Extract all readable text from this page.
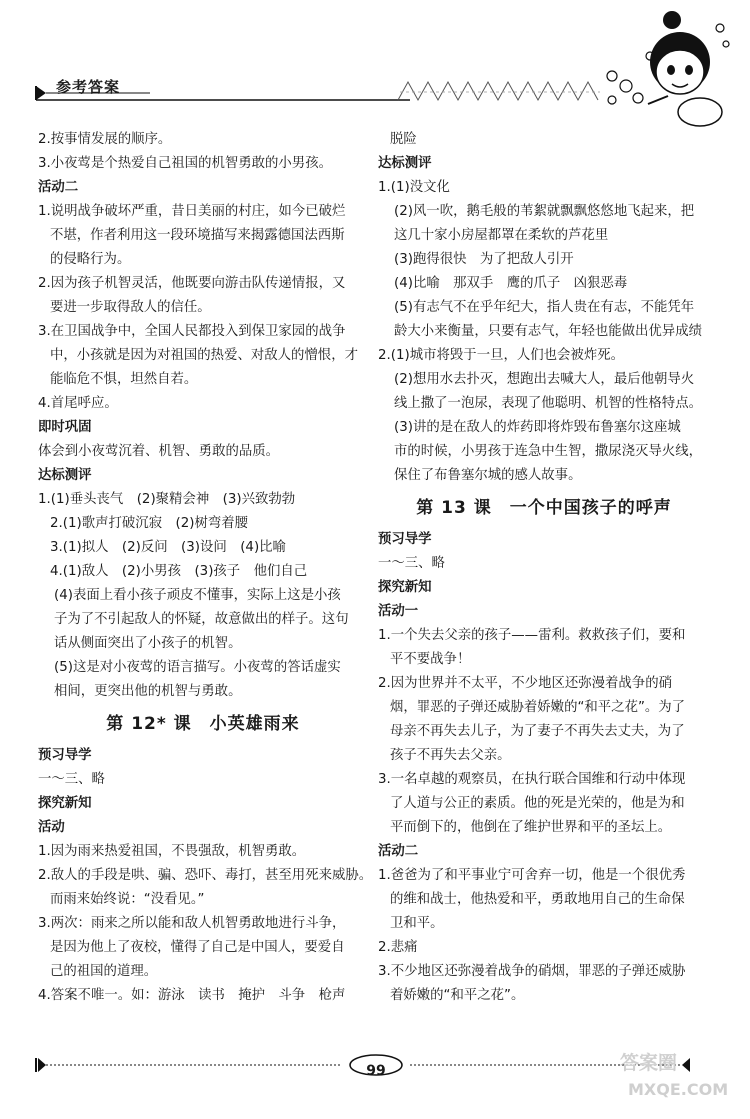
参考答案
2.按事情发展的顺序。
3.小夜莺是个热爱自己祖国的机智勇敢的小男孩。
活动二
1.说明战争破坏严重，昔日美丽的村庄，如今已破烂
不堪，作者利用这一段环境描写来揭露德国法西斯
的侵略行为。
2.因为孩子机智灵活，他既要向游击队传递情报，又
要进一步取得敌人的信任。
3.在卫国战争中，全国人民都投入到保卫家园的战争
中，小孩就是因为对祖国的热爱、对敌人的憎恨，才
能临危不惧，坦然自若。
4.首尾呼应。
即时巩固
体会到小夜莺沉着、机智、勇敢的品质。
达标测评
1.(1)垂头丧气　(2)聚精会神　(3)兴致勃勃
2.(1)歌声打破沉寂　(2)树弯着腰
3.(1)拟人　(2)反问　(3)设问　(4)比喻
4.(1)敌人　(2)小男孩　(3)孩子　他们自己
(4)表面上看小孩子顽皮不懂事，实际上这是小孩
子为了不引起敌人的怀疑，故意做出的样子。这句
话从侧面突出了小孩子的机智。
(5)这是对小夜莺的语言描写。小夜莺的答话虚实
相间，更突出他的机智与勇敢。
第 12* 课　小英雄雨来
预习导学
一～三、略
探究新知
活动
1.因为雨来热爱祖国，不畏强敌，机智勇敢。
2.敌人的手段是哄、骗、恐吓、毒打，甚至用死来威胁。
而雨来始终说：“没看见。”
3.两次：雨来之所以能和敌人机智勇敢地进行斗争，
是因为他上了夜校，懂得了自己是中国人，要爱自
己的祖国的道理。
4.答案不唯一。如：游泳　读书　掩护　斗争　枪声
脱险
达标测评
1.(1)没文化
(2)风一吹，鹅毛般的苇絮就飘飘悠悠地飞起来，把
这几十家小房屋都罩在柔软的芦花里
(3)跑得很快　为了把敌人引开
(4)比喻　那双手　鹰的爪子　凶狠恶毒
(5)有志气不在乎年纪大，指人贵在有志，不能凭年
龄大小来衡量，只要有志气，年轻也能做出优异成绩
2.(1)城市将毁于一旦，人们也会被炸死。
(2)想用水去扑灭，想跑出去喊大人，最后他朝导火
线上撒了一泡尿，表现了他聪明、机智的性格特点。
(3)讲的是在敌人的炸药即将炸毁布鲁塞尔这座城
市的时候，小男孩于连急中生智，撒尿浇灭导火线，
保住了布鲁塞尔城的感人故事。
第 13 课　一个中国孩子的呼声
预习导学
一～三、略
探究新知
活动一
1.一个失去父亲的孩子——雷利。救救孩子们，要和
平不要战争！
2.因为世界并不太平，不少地区还弥漫着战争的硝
烟，罪恶的子弹还威胁着娇嫩的“和平之花”。为了
母亲不再失去儿子，为了妻子不再失去丈夫，为了
孩子不再失去父亲。
3.一名卓越的观察员，在执行联合国维和行动中体现
了人道与公正的素质。他的死是光荣的，他是为和
平而倒下的，他倒在了维护世界和平的圣坛上。
活动二
1.爸爸为了和平事业宁可舍弃一切，他是一个很优秀
的维和战士，他热爱和平，勇敢地用自己的生命保
卫和平。
2.悲痛
3.不少地区还弥漫着战争的硝烟，罪恶的子弹还威胁
着娇嫩的“和平之花”。
99	答案圈
MXQE.COM
